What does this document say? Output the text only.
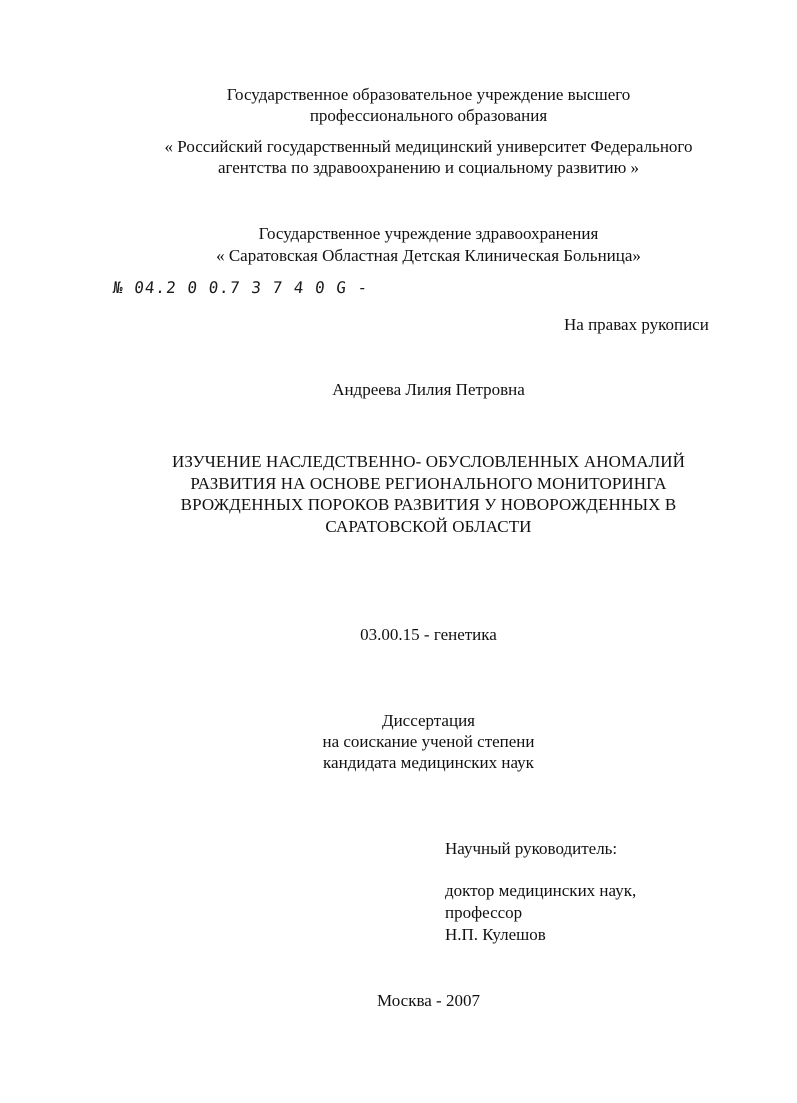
Государственное образовательное учреждение высшего
профессионального образования
« Российский государственный медицинский университет Федерального
агентства по здравоохранению и социальному развитию »
Государственное учреждение здравоохранения
« Саратовская Областная Детская Клиническая Больница»
№ 04.2 0 0.7 3 7 4 0 G -
На правах рукописи
Андреева Лилия Петровна
ИЗУЧЕНИЕ НАСЛЕДСТВЕННО- ОБУСЛОВЛЕННЫХ АНОМАЛИЙ
РАЗВИТИЯ НА ОСНОВЕ РЕГИОНАЛЬНОГО МОНИТОРИНГА
ВРОЖДЕННЫХ ПОРОКОВ РАЗВИТИЯ У НОВОРОЖДЕННЫХ В
САРАТОВСКОЙ ОБЛАСТИ
03.00.15 - генетика
Диссертация
на соискание ученой степени
кандидата медицинских наук
Научный руководитель:
доктор медицинских наук,
профессор
Н.П. Кулешов
Москва - 2007
